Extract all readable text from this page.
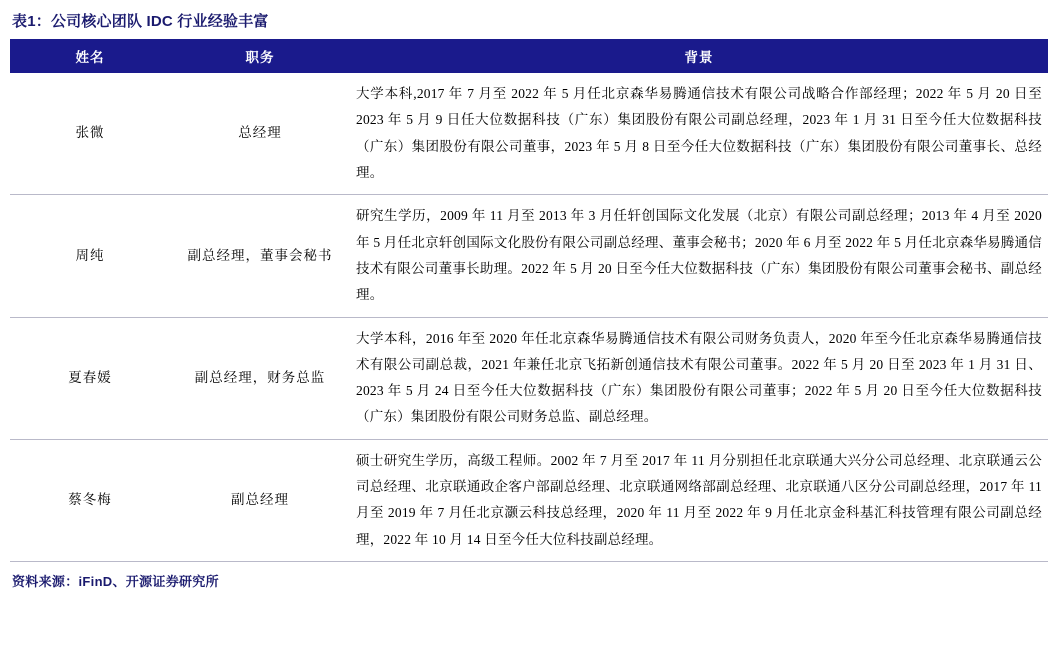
表1：公司核心团队 IDC 行业经验丰富
姓名	职务	背景
张微	总经理	大学本科,2017 年 7 月至 2022 年 5 月任北京森华易腾通信技术有限公司战略合作部经理；2022 年 5 月 20 日至 2023 年 5 月 9 日任大位数据科技（广东）集团股份有限公司副总经理，2023 年 1 月 31 日至今任大位数据科技（广东）集团股份有限公司董事，2023 年 5 月 8 日至今任大位数据科技（广东）集团股份有限公司董事长、总经理。
周纯	副总经理，董事会秘书	研究生学历，2009 年 11 月至 2013 年 3 月任轩创国际文化发展（北京）有限公司副总经理；2013 年 4 月至 2020 年 5 月任北京轩创国际文化股份有限公司副总经理、董事会秘书；2020 年 6 月至 2022 年 5 月任北京森华易腾通信技术有限公司董事长助理。2022 年 5 月 20 日至今任大位数据科技（广东）集团股份有限公司董事会秘书、副总经理。
夏春媛	副总经理，财务总监	大学本科，2016 年至 2020 年任北京森华易腾通信技术有限公司财务负责人，2020 年至今任北京森华易腾通信技术有限公司副总裁，2021 年兼任北京飞拓新创通信技术有限公司董事。2022 年 5 月 20 日至 2023 年 1 月 31 日、2023 年 5 月 24 日至今任大位数据科技（广东）集团股份有限公司董事；2022 年 5 月 20 日至今任大位数据科技（广东）集团股份有限公司财务总监、副总经理。
蔡冬梅	副总经理	硕士研究生学历，高级工程师。2002 年 7 月至 2017 年 11 月分别担任北京联通大兴分公司总经理、北京联通云公司总经理、北京联通政企客户部副总经理、北京联通网络部副总经理、北京联通八区分公司副总经理，2017 年 11 月至 2019 年 7 月任北京灏云科技总经理，2020 年 11 月至 2022 年 9 月任北京金科基汇科技管理有限公司副总经理，2022 年 10 月 14 日至今任大位科技副总经理。
资料来源：iFinD、开源证券研究所
